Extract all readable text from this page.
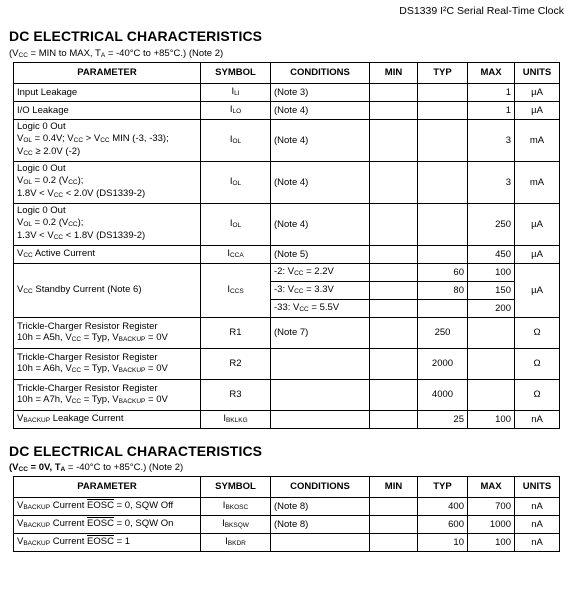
DS1339 I²C Serial Real-Time Clock
DC ELECTRICAL CHARACTERISTICS
(VCC = MIN to MAX, TA = -40°C to +85°C.) (Note 2)
PARAMETER	SYMBOL	CONDITIONS	MIN	TYP	MAX	UNITS
Input Leakage	ILI	(Note 3)			1	µA
I/O Leakage	ILO	(Note 4)			1	µA

Logic 0 Out
VOL = 0.4V; VCC > VCC MIN (-3, -33);
VCC ≥ 2.0V (-2)	IOL	(Note 4)			3	mA

Logic 0 Out
VOL = 0.2 (VCC);
1.8V < VCC < 2.0V (DS1339-2)	IOL	(Note 4)			3	mA

Logic 0 Out
VOL = 0.2 (VCC);
1.3V < VCC < 1.8V (DS1339-2)	IOL	(Note 4)			250	µA
VCC Active Current	ICCA	(Note 5)			450	µA
VCC Standby Current (Note 6)	ICCS	-2: VCC = 2.2V		60	100	µA
		-3: VCC = 3.3V		80	150	
		-33: VCC = 5.5V			200	

Trickle-Charger Resistor Register
10h = A5h, VCC = Typ, VBACKUP = 0V	R1	(Note 7)		250		Ω

Trickle-Charger Resistor Register
10h = A6h, VCC = Typ, VBACKUP = 0V	R2			2000		Ω

Trickle-Charger Resistor Register
10h = A7h, VCC = Typ, VBACKUP = 0V	R3			4000		Ω
VBACKUP Leakage Current	IBKLKG			25	100	nA
DC ELECTRICAL CHARACTERISTICS
(VCC = 0V, TA = -40°C to +85°C.) (Note 2)
PARAMETER	SYMBOL	CONDITIONS	MIN	TYP	MAX	UNITS
VBACKUP Current EOSC = 0, SQW Off	IBKOSC	(Note 8)		400	700	nA
VBACKUP Current EOSC = 0, SQW On	IBKSQW	(Note 8)		600	1000	nA
VBACKUP Current EOSC = 1	IBKDR			10	100	nA
